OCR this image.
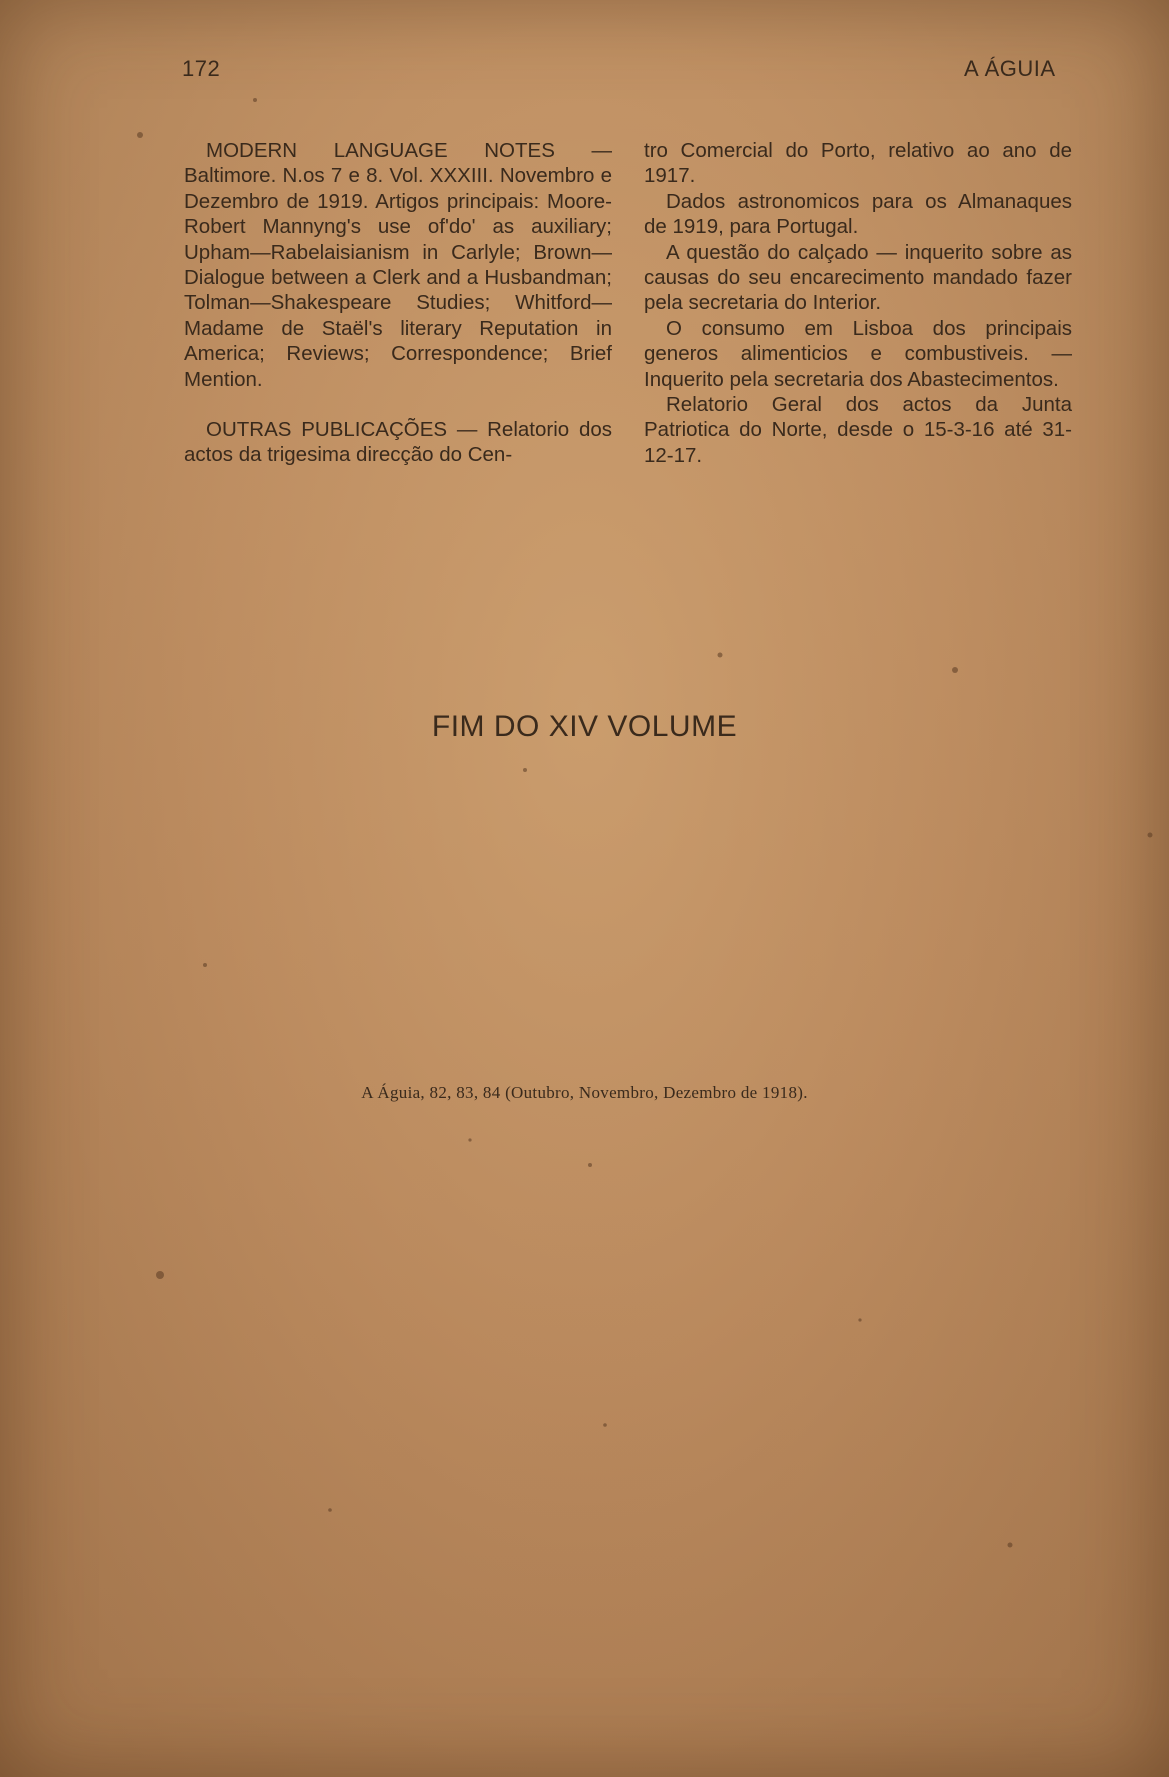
172	A ÁGUIA

MODERN LANGUAGE NOTES — Baltimore. N.os 7 e 8. Vol. XXXIII. Novembro e Dezembro de 1919. Artigos principais: Moore-Robert Mannyng's use of'do' as auxiliary; Upham—Rabelaisianism in Carlyle; Brown—Dialogue between a Clerk and a Husbandman; Tolman—Shakespeare Studies; Whitford—Madame de Staël's literary Reputation in America; Reviews; Correspondence; Brief Mention.

OUTRAS PUBLICAÇÕES — Relatorio dos actos da trigesima direcção do Cen-

tro Comercial do Porto, relativo ao ano de 1917.

Dados astronomicos para os Almanaques de 1919, para Portugal.

A questão do calçado — inquerito sobre as causas do seu encarecimento mandado fazer pela secretaria do Interior.

O consumo em Lisboa dos principais generos alimenticios e combustiveis. — Inquerito pela secretaria dos Abastecimentos.

Relatorio Geral dos actos da Junta Patriotica do Norte, desde o 15-3-16 até 31-12-17.

FIM DO XIV VOLUME
A Águia, 82, 83, 84 (Outubro, Novembro, Dezembro de 1918).
